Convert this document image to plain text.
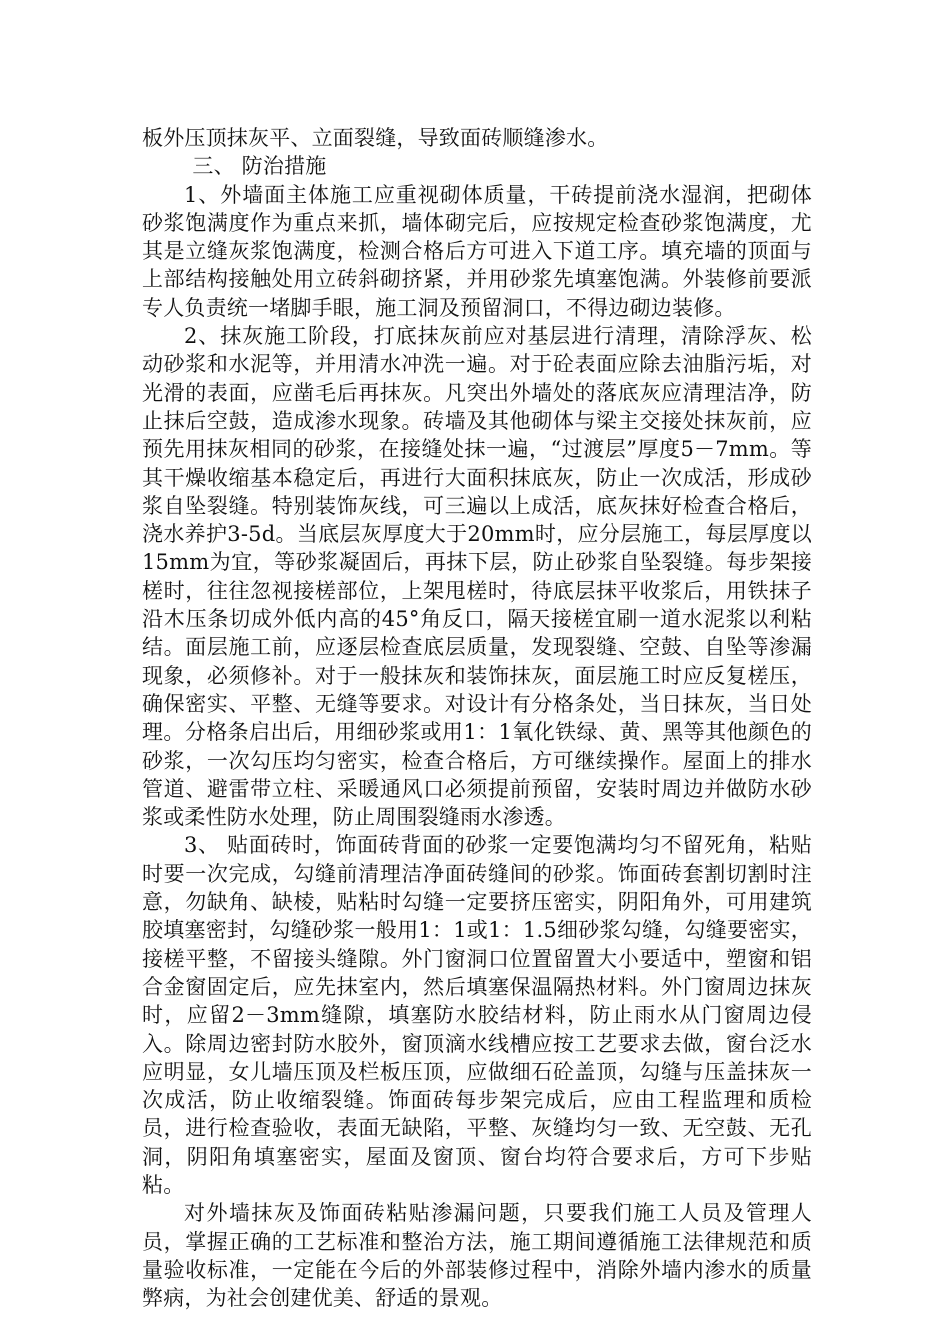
板外压顶抹灰平、立面裂缝，导致面砖顺缝渗水。

三、 防治措施

1、外墙面主体施工应重视砌体质量，干砖提前浇水湿润，把砌体砂浆饱满度作为重点来抓，墙体砌完后，应按规定检查砂浆饱满度，尤其是立缝灰浆饱满度，检测合格后方可进入下道工序。填充墙的顶面与上部结构接触处用立砖斜砌挤紧，并用砂浆先填塞饱满。外装修前要派专人负责统一堵脚手眼，施工洞及预留洞口，不得边砌边装修。

2、抹灰施工阶段，打底抹灰前应对基层进行清理，清除浮灰、松动砂浆和水泥等，并用清水冲洗一遍。对于砼表面应除去油脂污垢，对光滑的表面，应凿毛后再抹灰。凡突出外墙处的落底灰应清理洁净，防止抹后空鼓，造成渗水现象。砖墙及其他砌体与梁主交接处抹灰前，应预先用抹灰相同的砂浆，在接缝处抹一遍，“过渡层”厚度5－7mm。等其干燥收缩基本稳定后，再进行大面积抹底灰，防止一次成活，形成砂浆自坠裂缝。特别装饰灰线，可三遍以上成活，底灰抹好检查合格后，浇水养护3-5d。当底层灰厚度大于20mm时，应分层施工，每层厚度以15mm为宜，等砂浆凝固后，再抹下层，防止砂浆自坠裂缝。每步架接槎时，往往忽视接槎部位，上架甩槎时，待底层抹平收浆后，用铁抹子沿木压条切成外低内高的45°角反口，隔天接槎宜刷一道水泥浆以利粘结。面层施工前，应逐层检查底层质量，发现裂缝、空鼓、自坠等渗漏现象，必须修补。对于一般抹灰和装饰抹灰，面层施工时应反复槎压，确保密实、平整、无缝等要求。对设计有分格条处，当日抹灰，当日处理。分格条启出后，用细砂浆或用1：1氧化铁绿、黄、黑等其他颜色的砂浆，一次勾压均匀密实，检查合格后，方可继续操作。屋面上的排水管道、避雷带立柱、采暖通风口必须提前预留，安装时周边并做防水砂浆或柔性防水处理，防止周围裂缝雨水渗透。

3、 贴面砖时，饰面砖背面的砂浆一定要饱满均匀不留死角，粘贴时要一次完成，勾缝前清理洁净面砖缝间的砂浆。饰面砖套割切割时注意，勿缺角、缺棱，贴粘时勾缝一定要挤压密实，阴阳角外，可用建筑胶填塞密封，勾缝砂浆一般用1：1或1：1.5细砂浆勾缝，勾缝要密实，接槎平整，不留接头缝隙。外门窗洞口位置留置大小要适中，塑窗和铝合金窗固定后，应先抹室内，然后填塞保温隔热材料。外门窗周边抹灰时，应留2－3mm缝隙，填塞防水胶结材料，防止雨水从门窗周边侵入。除周边密封防水胶外，窗顶滴水线槽应按工艺要求去做，窗台泛水应明显，女儿墙压顶及栏板压顶，应做细石砼盖顶，勾缝与压盖抹灰一次成活，防止收缩裂缝。饰面砖每步架完成后，应由工程监理和质检员，进行检查验收，表面无缺陷，平整、灰缝均匀一致、无空鼓、无孔洞，阴阳角填塞密实，屋面及窗顶、窗台均符合要求后，方可下步贴粘。

对外墙抹灰及饰面砖粘贴渗漏问题，只要我们施工人员及管理人员，掌握正确的工艺标准和整治方法，施工期间遵循施工法律规范和质量验收标准，一定能在今后的外部装修过程中，消除外墙内渗水的质量弊病，为社会创建优美、舒适的景观。
